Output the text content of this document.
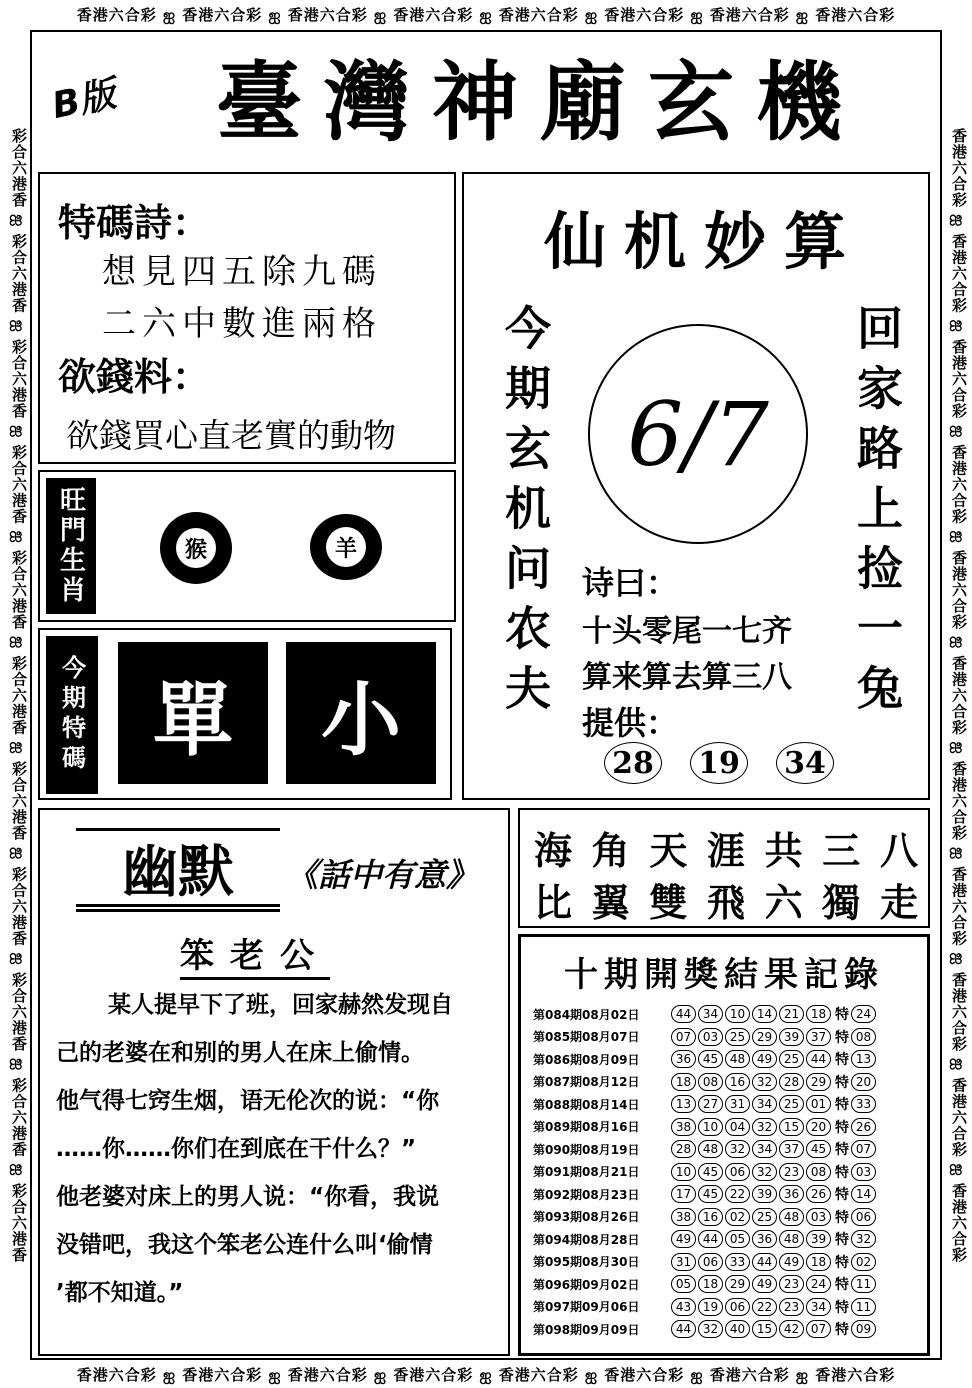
香港六合彩 ஐ 香港六合彩 ஐ 香港六合彩 ஐ 香港六合彩 ஐ 香港六合彩 ஐ 香港六合彩 ஐ 香港六合彩 ஐ 香港六合彩
香港六合彩 ஐ 香港六合彩 ஐ 香港六合彩 ஐ 香港六合彩 ஐ 香港六合彩 ஐ 香港六合彩 ஐ 香港六合彩 ஐ 香港六合彩
彩合六港香 ஐ 彩合六港香 ஐ 彩合六港香 ஐ 彩合六港香 ஐ 彩合六港香 ஐ 彩合六港香 ஐ 彩合六港香 ஐ 彩合六港香 ஐ 彩合六港香 ஐ 彩合六港香 ஐ 彩合六港香	香港六合彩 ஐ 香港六合彩 ஐ 香港六合彩 ஐ 香港六合彩 ஐ 香港六合彩 ஐ 香港六合彩 ஐ 香港六合彩 ஐ 香港六合彩 ஐ 香港六合彩 ஐ 香港六合彩 ஐ 香港六合彩
B版	臺灣神廟玄機
特碼詩：
想見四五除九碼
二六中數進兩格
欲錢料：
欲錢買心直老實的動物
旺門生肖	猴	羊
今期特碼 單	小
仙机妙算
今期玄机问农夫	回家路上捡一兔
6/7
诗曰：
十头零尾一七齐
算来算去算三八
提供：
28 19 34
幽默 《話中有意》
笨老公
某人提早下了班，回家赫然发现自
己的老婆在和别的男人在床上偷情。
他气得七窍生烟，语无伦次的说：“你
……你……你们在到底在干什么？”
他老婆对床上的男人说：“你看，我说
没错吧，我这个笨老公连什么叫‘偷情
’都不知道。”
海 角 天 涯 共 三 八
比 翼 雙 飛 六 獨 走
十期開獎結果記錄
第084期08月02日	44 34 10 14 21 18 特 24
第085期08月07日	07 03 25 29 39 37 特 08
第086期08月09日	36 45 48 49 25 44 特 13
第087期08月12日	18 08 16 32 28 29 特 20
第088期08月14日	13 27 31 34 25 01 特 33
第089期08月16日	38 10 04 32 15 20 特 26
第090期08月19日	28 48 32 34 37 45 特 07
第091期08月21日	10 45 06 32 23 08 特 03
第092期08月23日	17 45 22 39 36 26 特 14
第093期08月26日	38 16 02 25 48 03 特 06
第094期08月28日	49 44 05 36 48 39 特 32
第095期08月30日	31 06 33 44 49 18 特 02
第096期09月02日	05 18 29 49 23 24 特 11
第097期09月06日	43 19 06 22 23 34 特 11
第098期09月09日	44 32 40 15 42 07 特 09
